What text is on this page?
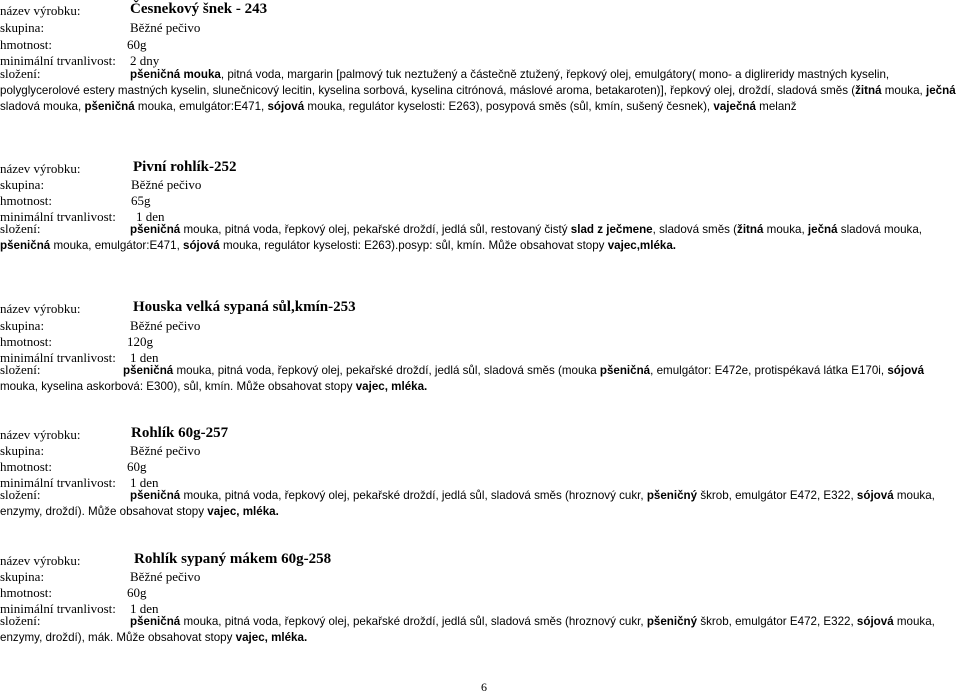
název výrobku:	Česnekový šnek - 243
skupina:	Běžné pečivo
hmotnost:	60g
minimální trvanlivost: 2 dny
složení:	pšeničná mouka, pitná voda, margarin [palmový tuk neztužený a částečně ztužený, řepkový olej, emulgátory( mono- a diglireridy mastných kyselin, polyglycerolové estery mastných kyselin, slunečnicový lecitin, kyselina sorbová, kyselina citrónová, máslové aroma, betakaroten)], řepkový olej, droždí, sladová směs (žitná mouka, ječná sladová mouka, pšeničná mouka, emulgátor:E471, sójová mouka, regulátor kyselosti: E263), posypová směs (sůl, kmín, sušený česnek), vaječná melanž
název výrobku:	Pivní rohlík-252
skupina:	Běžné pečivo
hmotnost:	65g
minimální trvanlivost: 1 den
složení:	pšeničná mouka, pitná voda, řepkový olej, pekařské droždí, jedlá sůl, restovaný čistý slad z ječmene, sladová směs (žitná mouka, ječná sladová mouka, pšeničná mouka, emulgátor:E471, sójová mouka, regulátor kyselosti: E263).posyp: sůl, kmín. Může obsahovat stopy vajec,mléka.
název výrobku:	Houska velká sypaná sůl,kmín-253
skupina:	Běžné pečivo
hmotnost:	120g
minimální trvanlivost: 1 den
složení:	pšeničná mouka, pitná voda, řepkový olej, pekařské droždí, jedlá sůl, sladová směs (mouka pšeničná, emulgátor: E472e, protispékavá látka E170i, sójová mouka, kyselina askorbová: E300), sůl, kmín. Může obsahovat stopy vajec, mléka.
název výrobku:	Rohlík 60g-257
skupina:	Běžné pečivo
hmotnost:	60g
minimální trvanlivost: 1 den
složení:	pšeničná mouka, pitná voda, řepkový olej, pekařské droždí, jedlá sůl, sladová směs (hroznový cukr, pšeničný škrob, emulgátor E472, E322, sójová mouka, enzymy, droždí). Může obsahovat stopy vajec, mléka.
název výrobku:	Rohlík sypaný mákem 60g-258
skupina:	Běžné pečivo
hmotnost:	60g
minimální trvanlivost: 1 den
složení:	pšeničná mouka, pitná voda, řepkový olej, pekařské droždí, jedlá sůl, sladová směs (hroznový cukr, pšeničný škrob, emulgátor E472, E322, sójová mouka, enzymy, droždí), mák. Může obsahovat stopy vajec, mléka.
6
